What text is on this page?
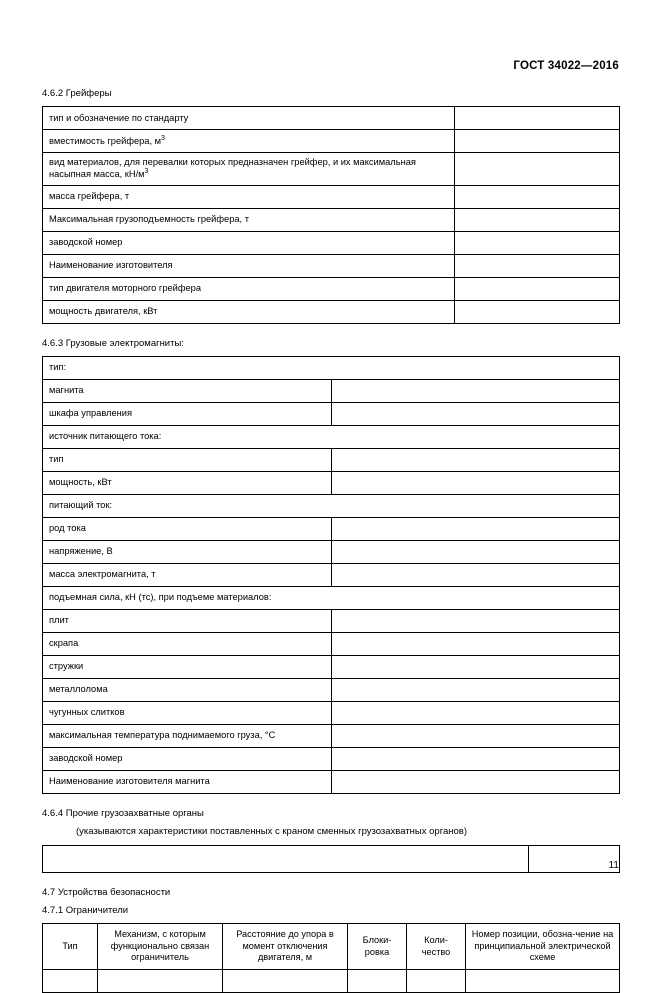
ГОСТ 34022—2016
4.6.2 Грейферы
тип и обозначение по стандарту	
вместимость грейфера, $м^3$	
вид материалов, для перевалки которых предназначен грейфер, и их максимальная насыпная масса, $кН/м^3$	
масса грейфера, т	
Максимальная грузоподъемность грейфера, т	
заводской номер	
Наименование изготовителя	
тип двигателя моторного грейфера	
мощность двигателя, кВт	
4.6.3 Грузовые электромагниты:
тип:	
магнита	
шкафа управления	
источник питающего тока:	
тип	
мощность, кВт	
питающий ток:	
род тока	
напряжение, В	
масса электромагнита, т	
подъемная сила, кН (тс), при подъеме материалов:	
плит	
скрапа	
стружки	
металлолома	
чугунных слитков	
максимальная температура поднимаемого груза, °С	
заводской номер	
Наименование изготовителя магнита	
4.6.4 Прочие грузозахватные органы
(указываются характеристики поставленных с краном сменных грузозахватных органов)

4.7 Устройства безопасности
4.7.1 Ограничители
Тип	Механизм, с которым функционально связан ограничитель	Расстояние до упора в момент отключения двигателя, м	Блоки-ровка	Коли-чество	Номер позиции, обозна-чение на принципиальной электрической схеме

11
